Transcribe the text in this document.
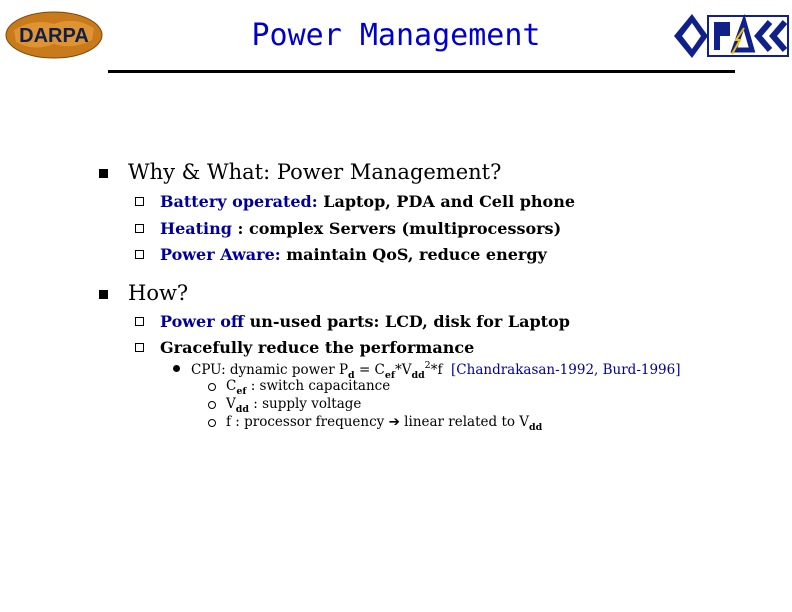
DARPA	Power Management
Why & What: Power Management?
Battery operated: Laptop, PDA and Cell phone
Heating : complex Servers (multiprocessors)
Power Aware: maintain QoS, reduce energy
How?
Power off un-used parts: LCD, disk for Laptop
Gracefully reduce the performance
CPU: dynamic power $P_d = C_{ef}*V_{dd}^2*f$ [Chandrakasan-1992, Burd-1996]
$C_{ef}$ : switch capacitance
$V_{dd}$ : supply voltage
f : processor frequency ➔ linear related to $V_{dd}$
